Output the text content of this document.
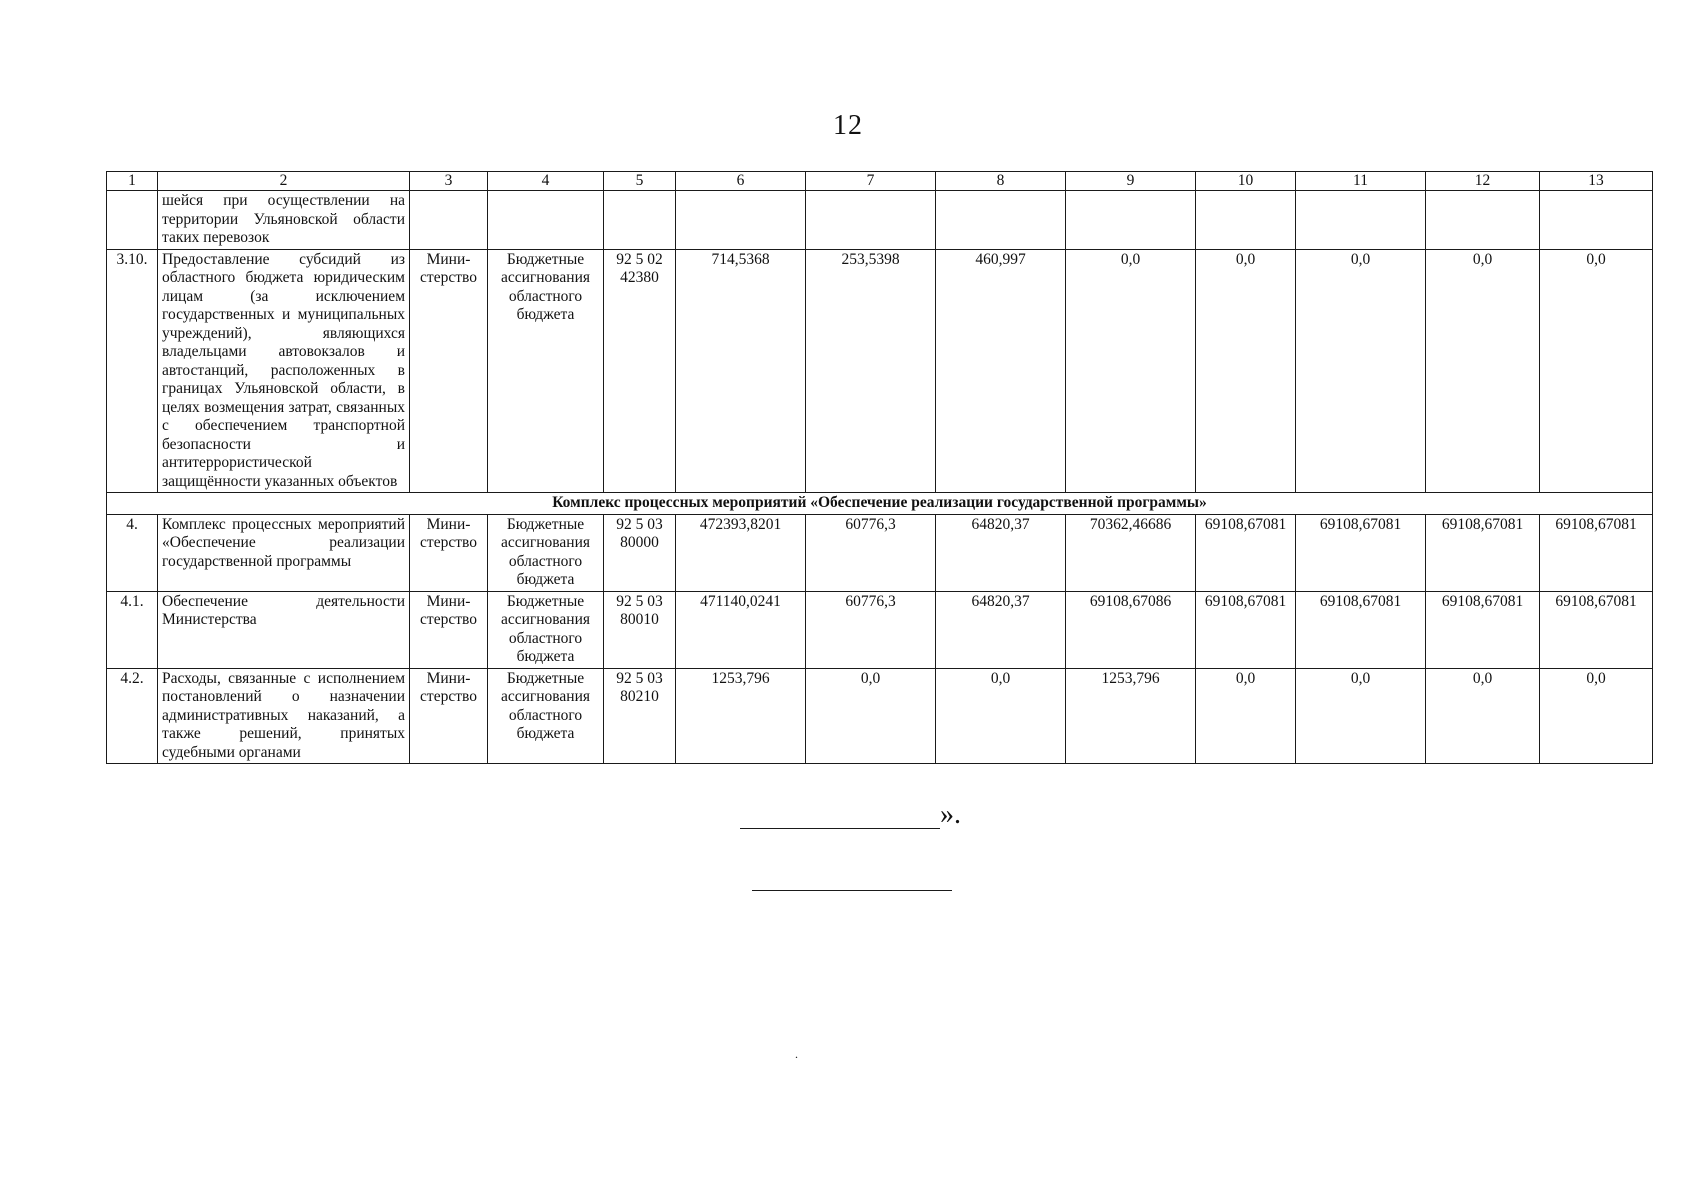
12
1	2	3	4	5	6	7	8	9	10	11	12	13
	шейся при осуществлении на территории Ульяновской области таких перевозок											
3.10.	Предоставление субсидий из областного бюджета юридическим лицам (за исключением государственных и муниципальных учреждений), являющихся владельцами автовокзалов и автостанций, расположенных в границах Ульяновской области, в целях возмещения затрат, связанных с обеспечением транспортной безопасности и антитеррористической защищённости указанных объектов	Мини-стерство	Бюджетные ассигнования областного бюджета	92 5 02 42380	714,5368	253,5398	460,997	0,0	0,0	0,0	0,0	0,0
Комплекс процессных мероприятий «Обеспечение реализации государственной программы»												
4.	Комплекс процессных мероприятий «Обеспечение реализации государственной программы	Мини-стерство	Бюджетные ассигнования областного бюджета	92 5 03 80000	472393,8201	60776,3	64820,37	70362,46686	69108,67081	69108,67081	69108,67081	69108,67081
4.1.	Обеспечение деятельности Министерства	Мини-стерство	Бюджетные ассигнования областного бюджета	92 5 03 80010	471140,0241	60776,3	64820,37	69108,67086	69108,67081	69108,67081	69108,67081	69108,67081
4.2.	Расходы, связанные с исполнением постановлений о назначении административных наказаний, а также решений, принятых судебными органами	Мини-стерство	Бюджетные ассигнования областного бюджета	92 5 03 80210	1253,796	0,0	0,0	1253,796	0,0	0,0	0,0	0,0
».
.
